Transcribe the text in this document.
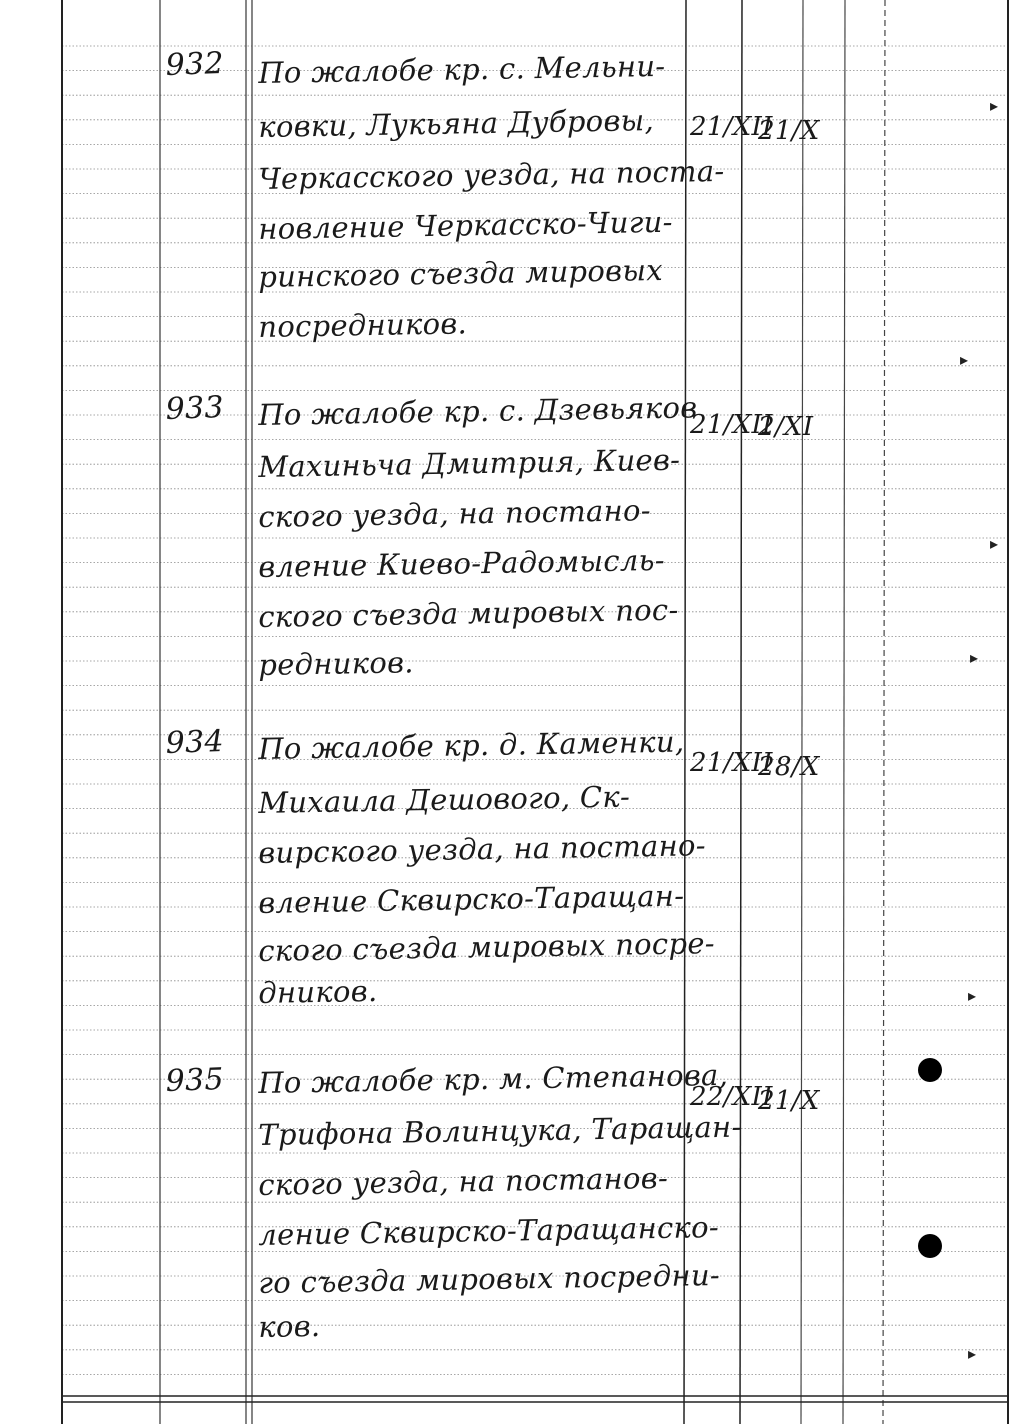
932 По жалобе кр. с. Мельни-
ковки, Лукьяна Дубровы,
Черкасского уезда, на поста-
новление Черкасско-Чиги-
ринского съезда мировых
посредников.
21/XII
21/X
933 По жалобе кр. с. Дзевьяков
Махиньча Дмитрия, Киев-
ского уезда, на постано-
вление Киево-Радомысль-
ского съезда мировых пос-
редников.
21/XII
2/XI
934 По жалобе кр. д. Каменки,
Михаила Дешового, Ск-
вирского уезда, на постано-
вление Сквирско-Таращан-
ского съезда мировых посре-
дников.
21/XII
28/X
935 По жалобе кр. м. Степанова,
Трифона Волинцука, Таращан-
ского уезда, на постанов-
ление Сквирско-Таращанско-
го съезда мировых посредни-
ков.
22/XII
21/X
▸
▸
▸
▸
▸
▸
